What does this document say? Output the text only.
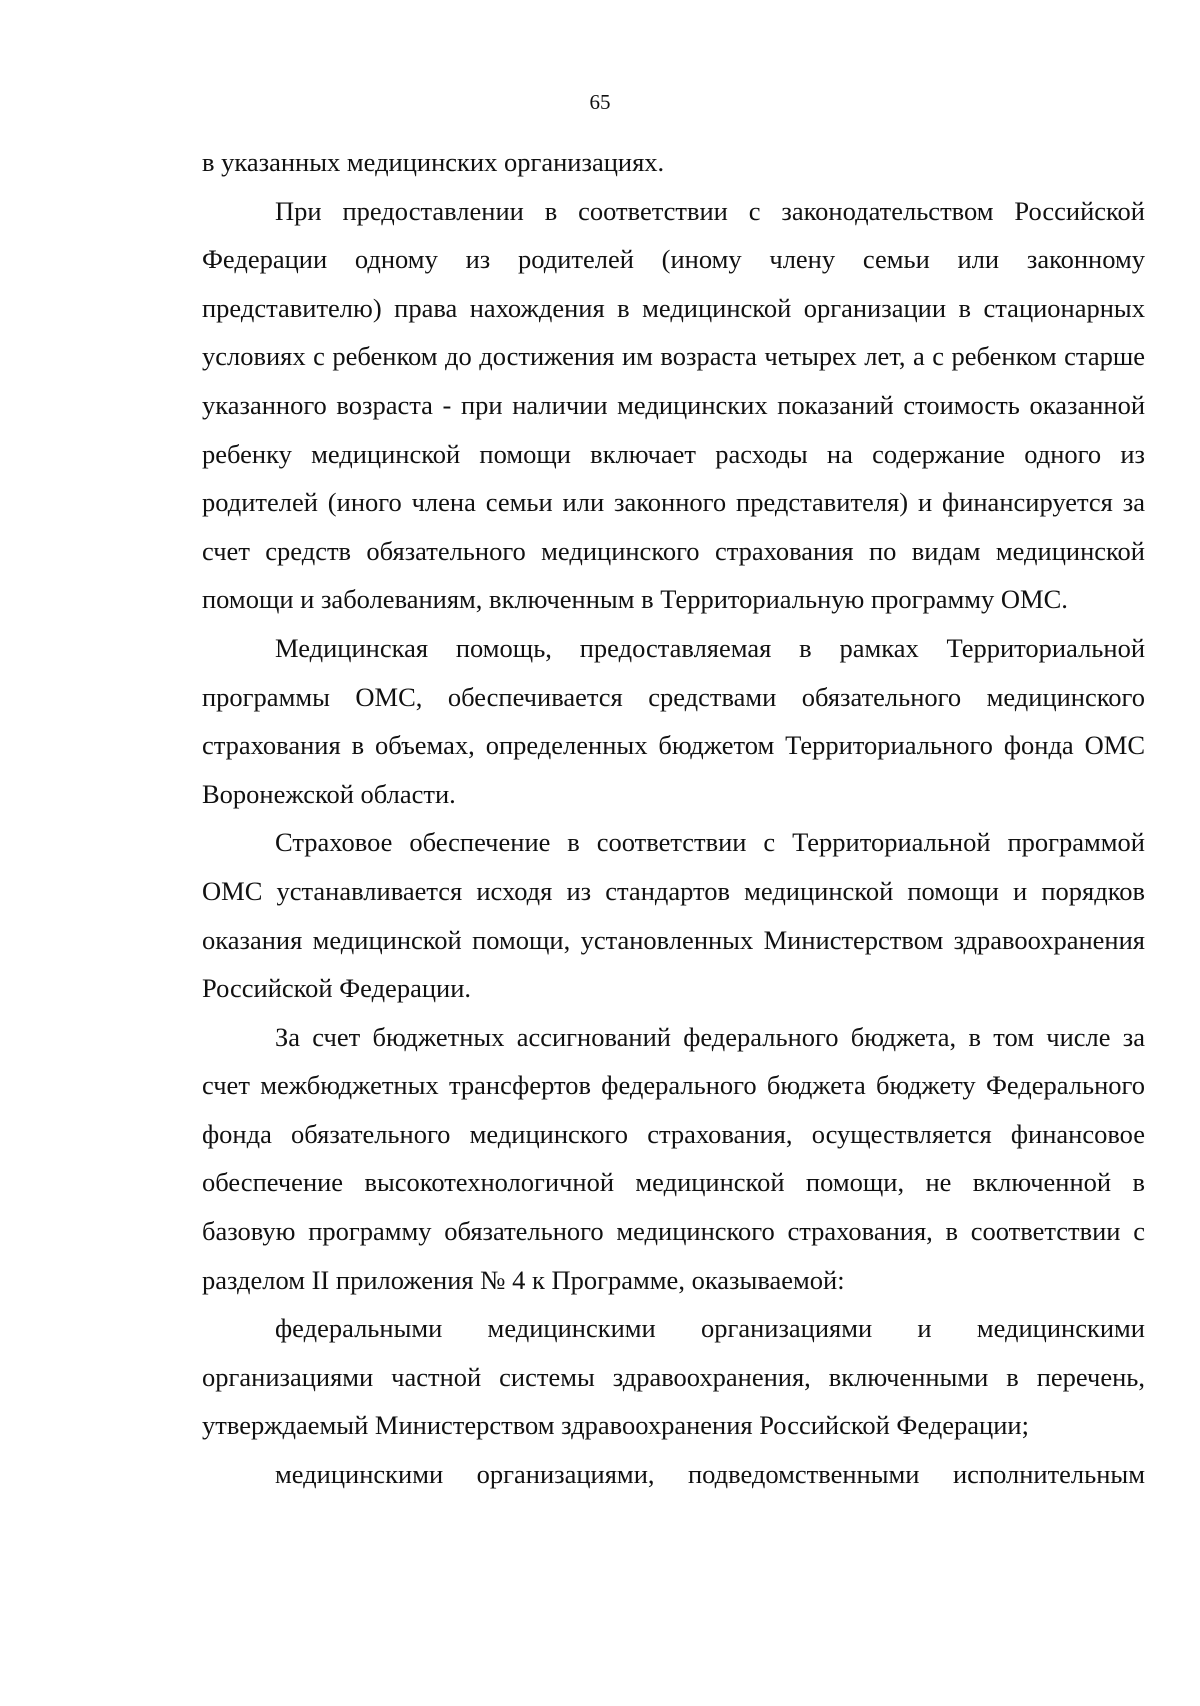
65

в указанных медицинских организациях.

При предоставлении в соответствии с законодательством Российской Федерации одному из родителей (иному члену семьи или законному представителю) права нахождения в медицинской организации в стационарных условиях с ребенком до достижения им возраста четырех лет, а с ребенком старше указанного возраста - при наличии медицинских показаний стоимость оказанной ребенку медицинской помощи включает расходы на содержание одного из родителей (иного члена семьи или законного представителя) и финансируется за счет средств обязательного медицинского страхования по видам медицинской помощи и заболеваниям, включенным в Территориальную программу ОМС.

Медицинская помощь, предоставляемая в рамках Территориальной программы ОМС, обеспечивается средствами обязательного медицинского страхования в объемах, определенных бюджетом Территориального фонда ОМС Воронежской области.

Страховое обеспечение в соответствии с Территориальной программой ОМС устанавливается исходя из стандартов медицинской помощи и порядков оказания медицинской помощи, установленных Министерством здравоохранения Российской Федерации.

За счет бюджетных ассигнований федерального бюджета, в том числе за счет межбюджетных трансфертов федерального бюджета бюджету Федерального фонда обязательного медицинского страхования, осуществляется финансовое обеспечение высокотехнологичной медицинской помощи, не включенной в базовую программу обязательного медицинского страхования, в соответствии с разделом II приложения № 4 к Программе, оказываемой:

федеральными медицинскими организациями и медицинскими организациями частной системы здравоохранения, включенными в перечень, утверждаемый Министерством здравоохранения Российской Федерации;

медицинскими организациями, подведомственными исполнительным
